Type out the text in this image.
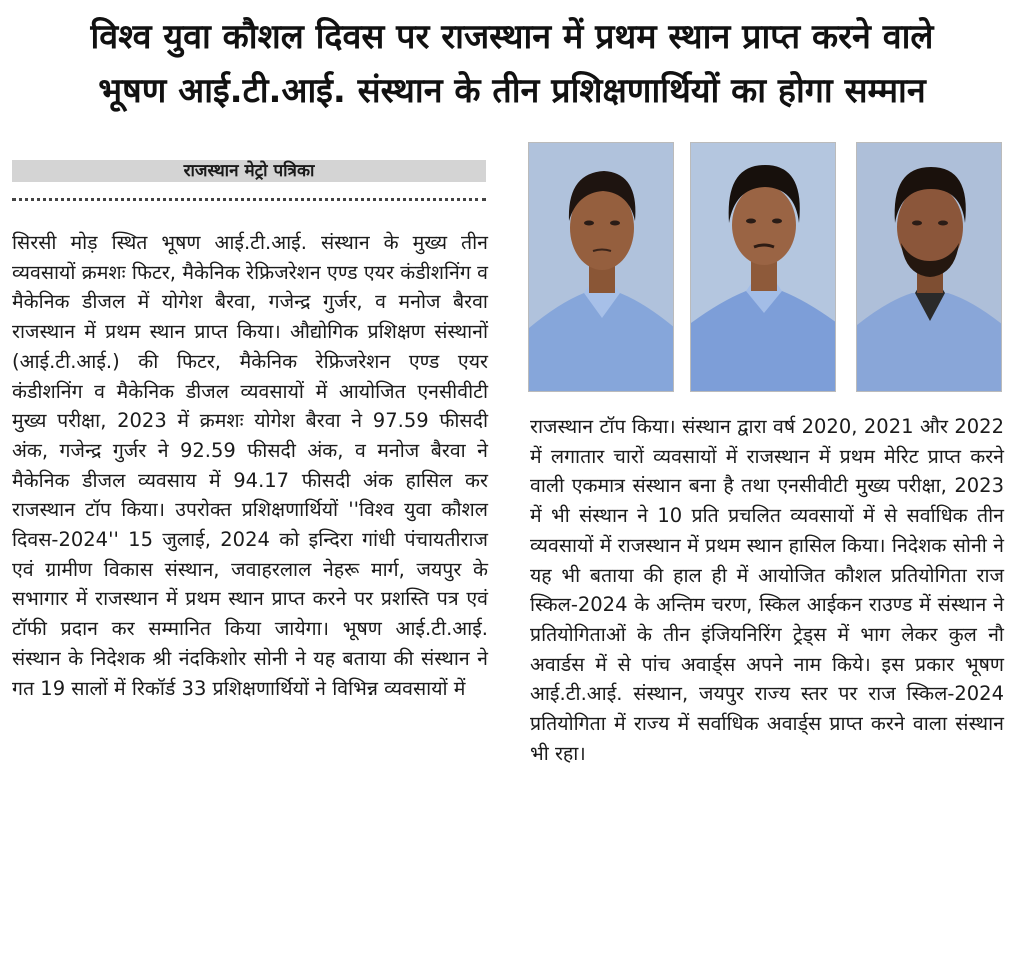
विश्व युवा कौशल दिवस पर राजस्थान में प्रथम स्थान प्राप्त करने वाले
भूषण आई.टी.आई. संस्थान के तीन प्रशिक्षणार्थियों का होगा सम्मान
राजस्थान मेट्रो पत्रिका
सिरसी मोड़ स्थित भूषण आई.टी.आई. संस्थान के मुख्य तीन व्यवसायों क्रमशः फिटर, मैकेनिक रेफ्रिजरेशन एण्ड एयर कंडीशनिंग व मैकेनिक डीजल में योगेश बैरवा, गजेन्द्र गुर्जर, व मनोज बैरवा राजस्थान में प्रथम स्थान प्राप्त किया। औद्योगिक प्रशिक्षण संस्थानों (आई.टी.आई.) की फिटर, मैकेनिक रेफ्रिजरेशन एण्ड एयर कंडीशनिंग व मैकेनिक डीजल व्यवसायों में आयोजित एनसीवीटी मुख्य परीक्षा, 2023 में क्रमशः योगेश बैरवा ने 97.59 फीसदी अंक, गजेन्द्र गुर्जर ने 92.59 फीसदी अंक, व मनोज बैरवा ने मैकेनिक डीजल व्यवसाय में 94.17 फीसदी अंक हासिल कर राजस्थान टॉप किया। उपरोक्त प्रशिक्षणार्थियों ''विश्व युवा कौशल दिवस-2024'' 15 जुलाई, 2024 को इन्दिरा गांधी पंचायतीराज एवं ग्रामीण विकास संस्थान, जवाहरलाल नेहरू मार्ग, जयपुर के सभागार में राजस्थान में प्रथम स्थान प्राप्त करने पर प्रशस्ति पत्र एवं टॉफी प्रदान कर सम्मानित किया जायेगा। भूषण आई.टी.आई. संस्थान के निदेशक श्री नंदकिशोर सोनी ने यह बताया की संस्थान ने गत 19 सालों में रिकॉर्ड 33 प्रशिक्षणार्थियों ने विभिन्न व्यवसायों में
राजस्थान टॉप किया। संस्थान द्वारा वर्ष 2020, 2021 और 2022 में लगातार चारों व्यवसायों में राजस्थान में प्रथम मेरिट प्राप्त करने वाली एकमात्र संस्थान बना है तथा एनसीवीटी मुख्य परीक्षा, 2023 में भी संस्थान ने 10 प्रति प्रचलित व्यवसायों में से सर्वाधिक तीन व्यवसायों में राजस्थान में प्रथम स्थान हासिल किया। निदेशक सोनी ने यह भी बताया की हाल ही में आयोजित कौशल प्रतियोगिता राज स्किल-2024 के अन्तिम चरण, स्किल आईकन राउण्ड में संस्थान ने प्रतियोगिताओं के तीन इंजियनिरिंग ट्रेड्स में भाग लेकर कुल नौ अवार्डस में से पांच अवार्ड्स अपने नाम किये। इस प्रकार भूषण आई.टी.आई. संस्थान, जयपुर राज्य स्तर पर राज स्किल-2024 प्रतियोगिता में राज्य में सर्वाधिक अवार्ड्स प्राप्त करने वाला संस्थान भी रहा।
